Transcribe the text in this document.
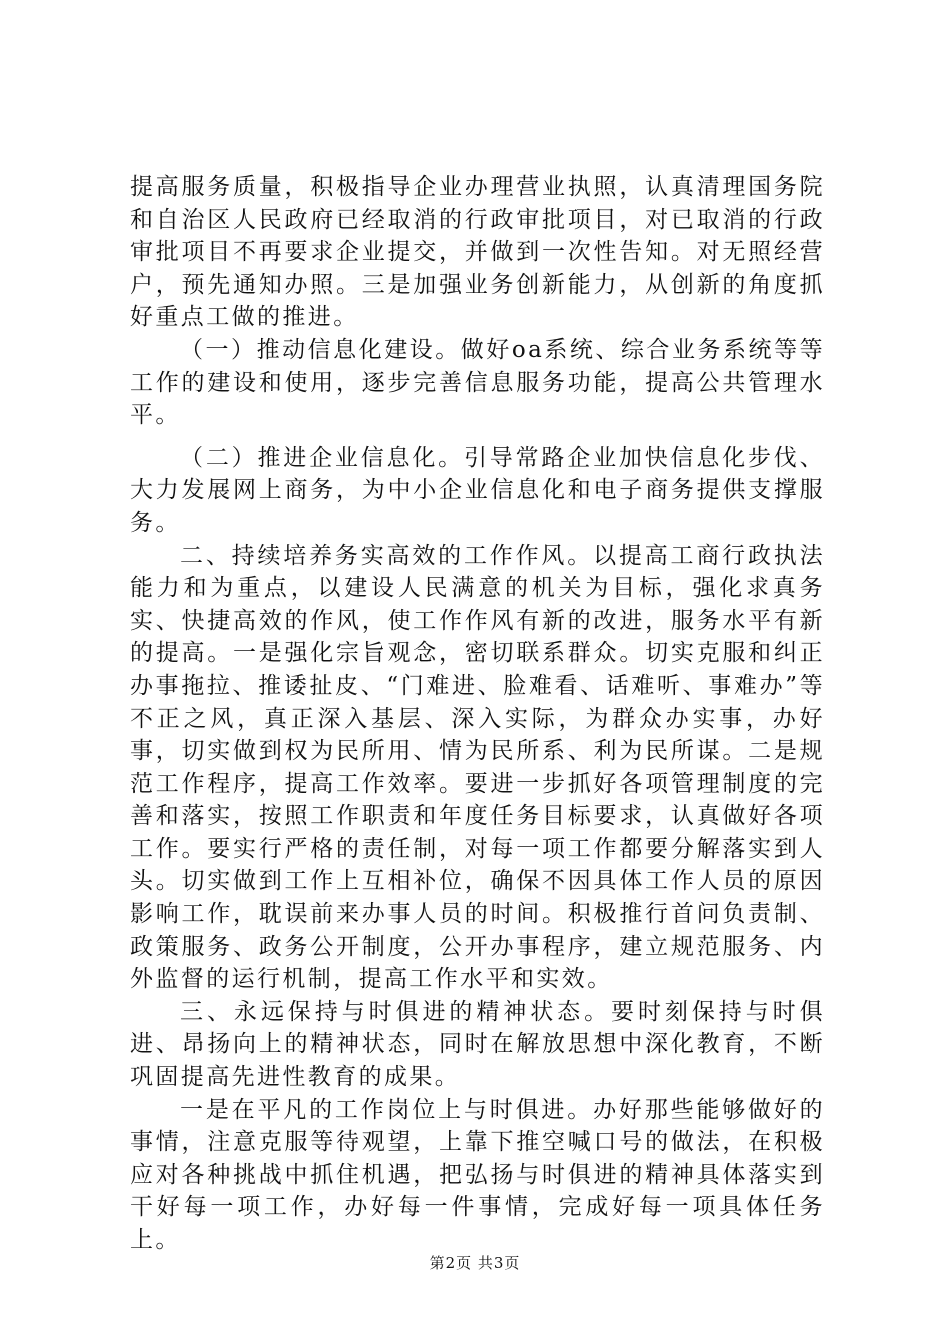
提高服务质量，积极指导企业办理营业执照，认真清理国务院和自治区人民政府已经取消的行政审批项目，对已取消的行政审批项目不再要求企业提交，并做到一次性告知。对无照经营户，预先通知办照。三是加强业务创新能力，从创新的角度抓好重点工做的推进。

（一）推动信息化建设。做好oa系统、综合业务系统等等工作的建设和使用，逐步完善信息服务功能，提高公共管理水平。

（二）推进企业信息化。引导常路企业加快信息化步伐、大力发展网上商务，为中小企业信息化和电子商务提供支撑服务。

二、持续培养务实高效的工作作风。以提高工商行政执法能力和为重点，以建设人民满意的机关为目标，强化求真务实、快捷高效的作风，使工作作风有新的改进，服务水平有新的提高。一是强化宗旨观念，密切联系群众。切实克服和纠正办事拖拉、推诿扯皮、“门难进、脸难看、话难听、事难办”等不正之风，真正深入基层、深入实际，为群众办实事，办好事，切实做到权为民所用、情为民所系、利为民所谋。二是规范工作程序，提高工作效率。要进一步抓好各项管理制度的完善和落实，按照工作职责和年度任务目标要求，认真做好各项工作。要实行严格的责任制，对每一项工作都要分解落实到人头。切实做到工作上互相补位，确保不因具体工作人员的原因影响工作，耽误前来办事人员的时间。积极推行首问负责制、政策服务、政务公开制度，公开办事程序，建立规范服务、内外监督的运行机制，提高工作水平和实效。

三、永远保持与时俱进的精神状态。要时刻保持与时俱进、昂扬向上的精神状态，同时在解放思想中深化教育，不断巩固提高先进性教育的成果。

一是在平凡的工作岗位上与时俱进。办好那些能够做好的事情，注意克服等待观望，上靠下推空喊口号的做法，在积极应对各种挑战中抓住机遇，把弘扬与时俱进的精神具体落实到干好每一项工作，办好每一件事情，完成好每一项具体任务上。

第2页 共3页
